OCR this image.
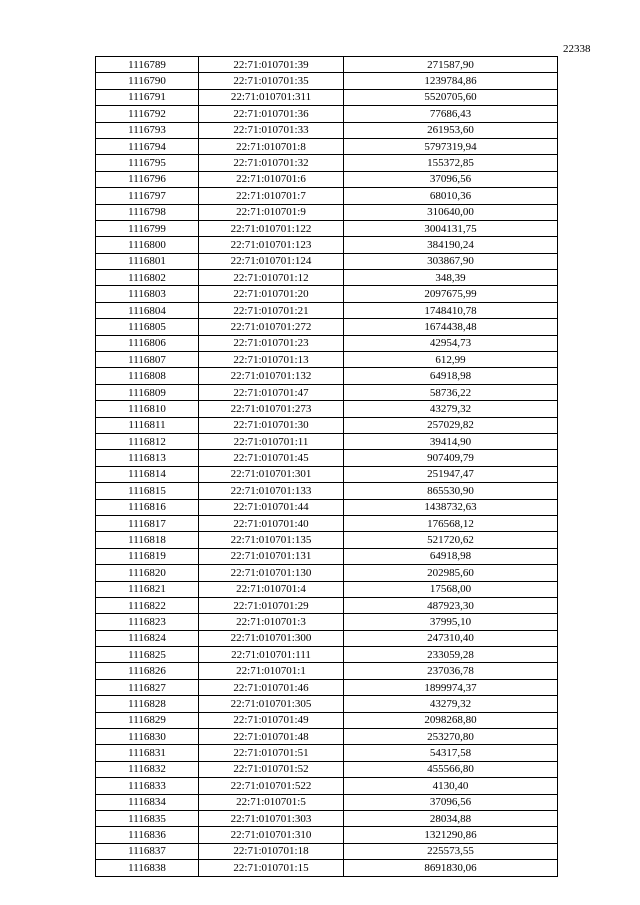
22338
1116789	22:71:010701:39	271587,90
1116790	22:71:010701:35	1239784,86
1116791	22:71:010701:311	5520705,60
1116792	22:71:010701:36	77686,43
1116793	22:71:010701:33	261953,60
1116794	22:71:010701:8	5797319,94
1116795	22:71:010701:32	155372,85
1116796	22:71:010701:6	37096,56
1116797	22:71:010701:7	68010,36
1116798	22:71:010701:9	310640,00
1116799	22:71:010701:122	3004131,75
1116800	22:71:010701:123	384190,24
1116801	22:71:010701:124	303867,90
1116802	22:71:010701:12	348,39
1116803	22:71:010701:20	2097675,99
1116804	22:71:010701:21	1748410,78
1116805	22:71:010701:272	1674438,48
1116806	22:71:010701:23	42954,73
1116807	22:71:010701:13	612,99
1116808	22:71:010701:132	64918,98
1116809	22:71:010701:47	58736,22
1116810	22:71:010701:273	43279,32
1116811	22:71:010701:30	257029,82
1116812	22:71:010701:11	39414,90
1116813	22:71:010701:45	907409,79
1116814	22:71:010701:301	251947,47
1116815	22:71:010701:133	865530,90
1116816	22:71:010701:44	1438732,63
1116817	22:71:010701:40	176568,12
1116818	22:71:010701:135	521720,62
1116819	22:71:010701:131	64918,98
1116820	22:71:010701:130	202985,60
1116821	22:71:010701:4	17568,00
1116822	22:71:010701:29	487923,30
1116823	22:71:010701:3	37995,10
1116824	22:71:010701:300	247310,40
1116825	22:71:010701:111	233059,28
1116826	22:71:010701:1	237036,78
1116827	22:71:010701:46	1899974,37
1116828	22:71:010701:305	43279,32
1116829	22:71:010701:49	2098268,80
1116830	22:71:010701:48	253270,80
1116831	22:71:010701:51	54317,58
1116832	22:71:010701:52	455566,80
1116833	22:71:010701:522	4130,40
1116834	22:71:010701:5	37096,56
1116835	22:71:010701:303	28034,88
1116836	22:71:010701:310	1321290,86
1116837	22:71:010701:18	225573,55
1116838	22:71:010701:15	8691830,06
